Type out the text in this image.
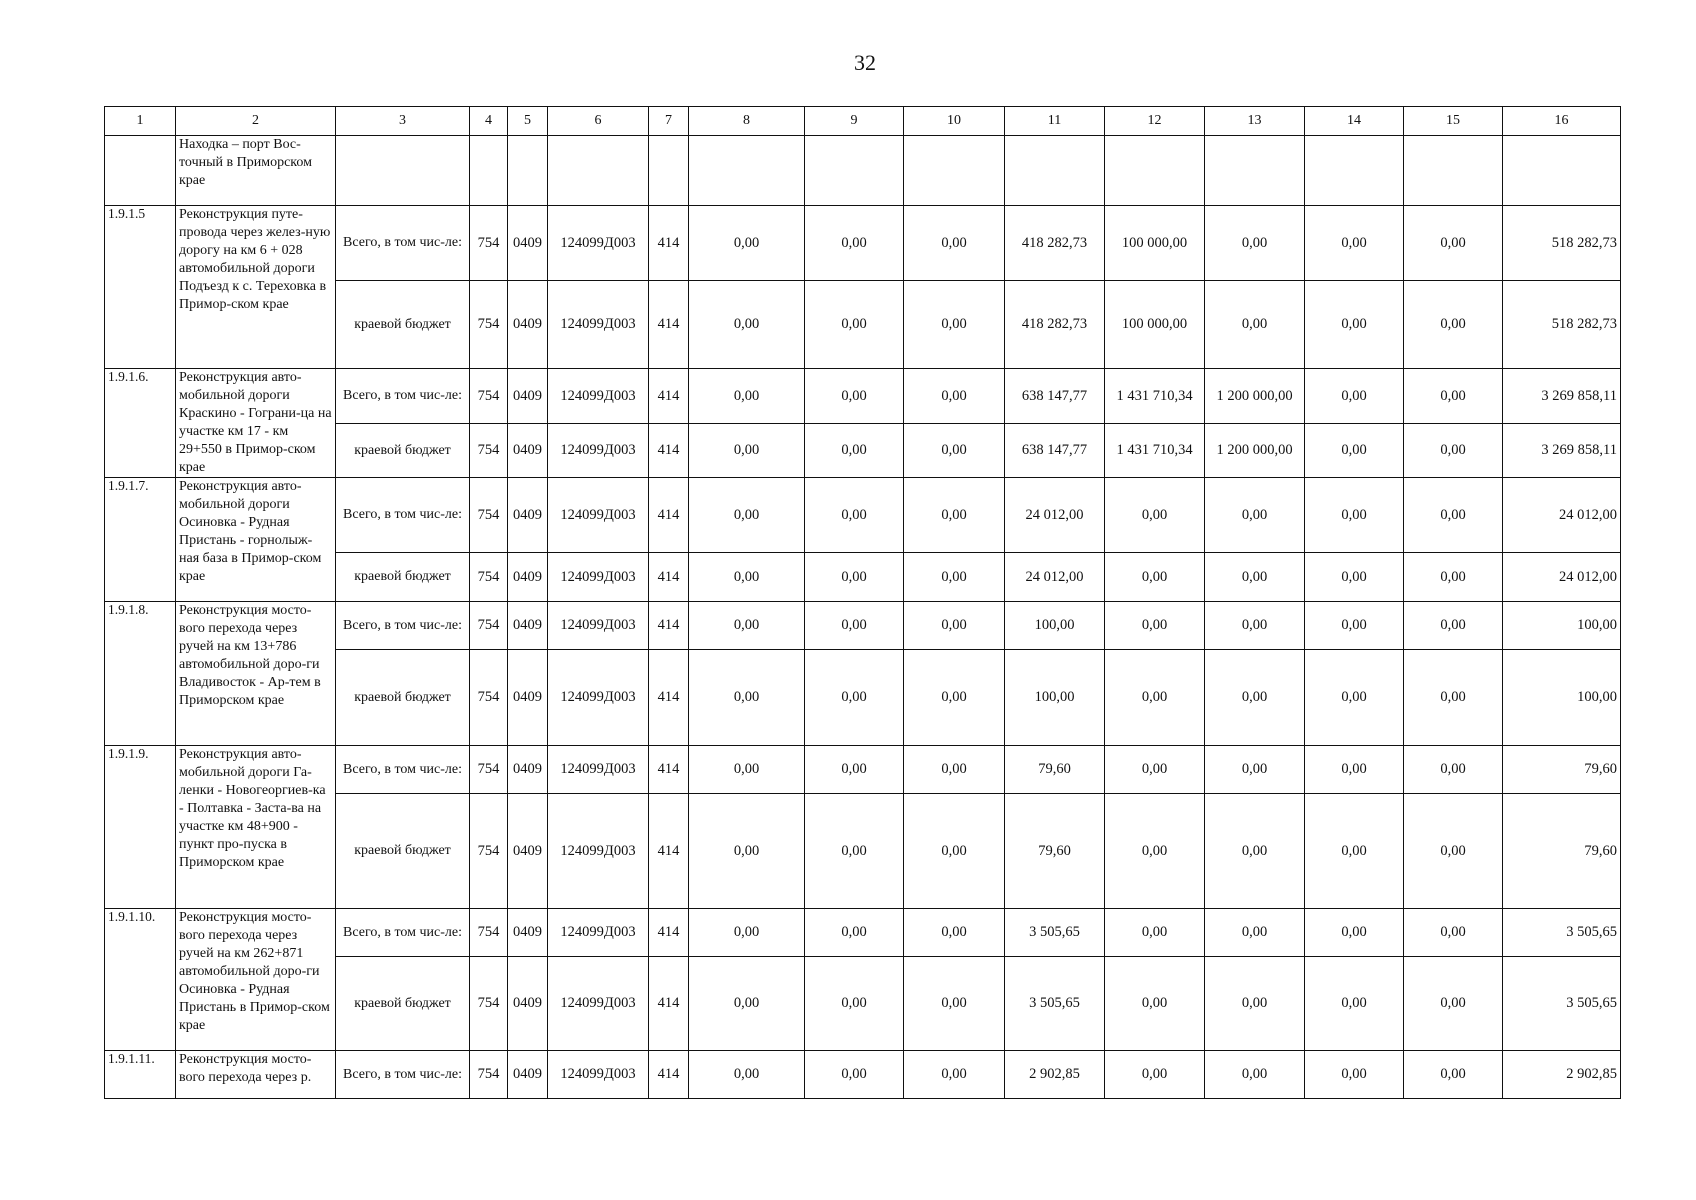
32
1	2	3	4	5	6	7	8	9	10	11	12	13	14	15	16
	Находка – порт Вос-точный в Приморском крае														
1.9.1.5	Реконструкция путе-провода через желез-ную дорогу на км 6 + 028 автомобильной дороги Подъезд к с. Тереховка в Примор-ском крае	Всего, в том чис-ле:	754	0409	124099Д003	414	0,00	0,00	0,00	418 282,73	100 000,00	0,00	0,00	0,00	518 282,73
		краевой бюджет	754	0409	124099Д003	414	0,00	0,00	0,00	418 282,73	100 000,00	0,00	0,00	0,00	518 282,73
1.9.1.6.	Реконструкция авто-мобильной дороги Краскино - Гограни-ца на участке км 17 - км 29+550 в Примор-ском крае	Всего, в том чис-ле:	754	0409	124099Д003	414	0,00	0,00	0,00	638 147,77	1 431 710,34	1 200 000,00	0,00	0,00	3 269 858,11
		краевой бюджет	754	0409	124099Д003	414	0,00	0,00	0,00	638 147,77	1 431 710,34	1 200 000,00	0,00	0,00	3 269 858,11
1.9.1.7.	Реконструкция авто-мобильной дороги Осиновка - Рудная Пристань - горнолыж-ная база в Примор-ском крае	Всего, в том чис-ле:	754	0409	124099Д003	414	0,00	0,00	0,00	24 012,00	0,00	0,00	0,00	0,00	24 012,00
		краевой бюджет	754	0409	124099Д003	414	0,00	0,00	0,00	24 012,00	0,00	0,00	0,00	0,00	24 012,00
1.9.1.8.	Реконструкция мосто-вого перехода через ручей на км 13+786 автомобильной доро-ги Владивосток - Ар-тем в Приморском крае	Всего, в том чис-ле:	754	0409	124099Д003	414	0,00	0,00	0,00	100,00	0,00	0,00	0,00	0,00	100,00
		краевой бюджет	754	0409	124099Д003	414	0,00	0,00	0,00	100,00	0,00	0,00	0,00	0,00	100,00
1.9.1.9.	Реконструкция авто-мобильной дороги Га-ленки - Новогеоргиев-ка - Полтавка - Заста-ва на участке км 48+900 - пункт про-пуска в Приморском крае	Всего, в том чис-ле:	754	0409	124099Д003	414	0,00	0,00	0,00	79,60	0,00	0,00	0,00	0,00	79,60
		краевой бюджет	754	0409	124099Д003	414	0,00	0,00	0,00	79,60	0,00	0,00	0,00	0,00	79,60
1.9.1.10.	Реконструкция мосто-вого перехода через ручей на км 262+871 автомобильной доро-ги Осиновка - Рудная Пристань в Примор-ском крае	Всего, в том чис-ле:	754	0409	124099Д003	414	0,00	0,00	0,00	3 505,65	0,00	0,00	0,00	0,00	3 505,65
		краевой бюджет	754	0409	124099Д003	414	0,00	0,00	0,00	3 505,65	0,00	0,00	0,00	0,00	3 505,65
1.9.1.11.	Реконструкция мосто-вого перехода через р.	Всего, в том чис-ле:	754	0409	124099Д003	414	0,00	0,00	0,00	2 902,85	0,00	0,00	0,00	0,00	2 902,85
